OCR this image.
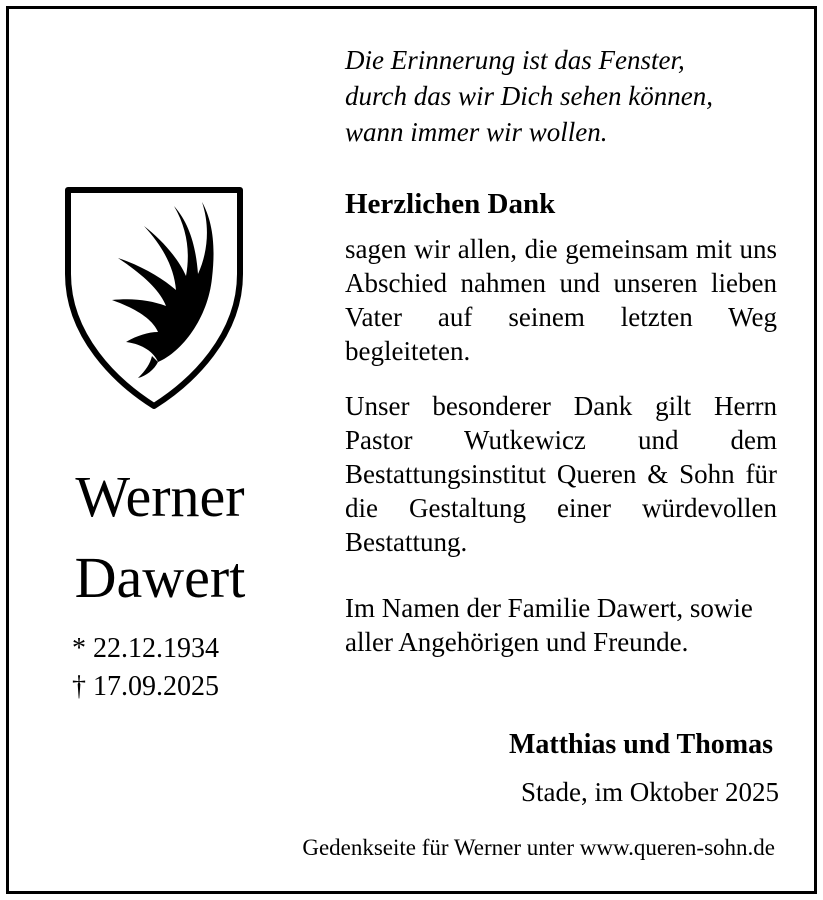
Die Erinnerung ist das Fenster,
durch das wir Dich sehen können,
wann immer wir wollen.
Herzlichen Dank
sagen wir allen, die gemeinsam mit uns Abschied nahmen und unseren lieben Vater auf seinem letzten Weg begleiteten.
Unser besonderer Dank gilt Herrn Pastor Wutkewicz und dem Bestattungsinstitut Queren & Sohn für die Gestaltung einer würdevollen Bestattung.
Werner
Dawert
* 22.12.1934
† 17.09.2025
Im Namen der Familie Dawert, sowie aller Angehörigen und Freunde.
Matthias und Thomas
Stade, im Oktober 2025
Gedenkseite für Werner unter www.queren-sohn.de
